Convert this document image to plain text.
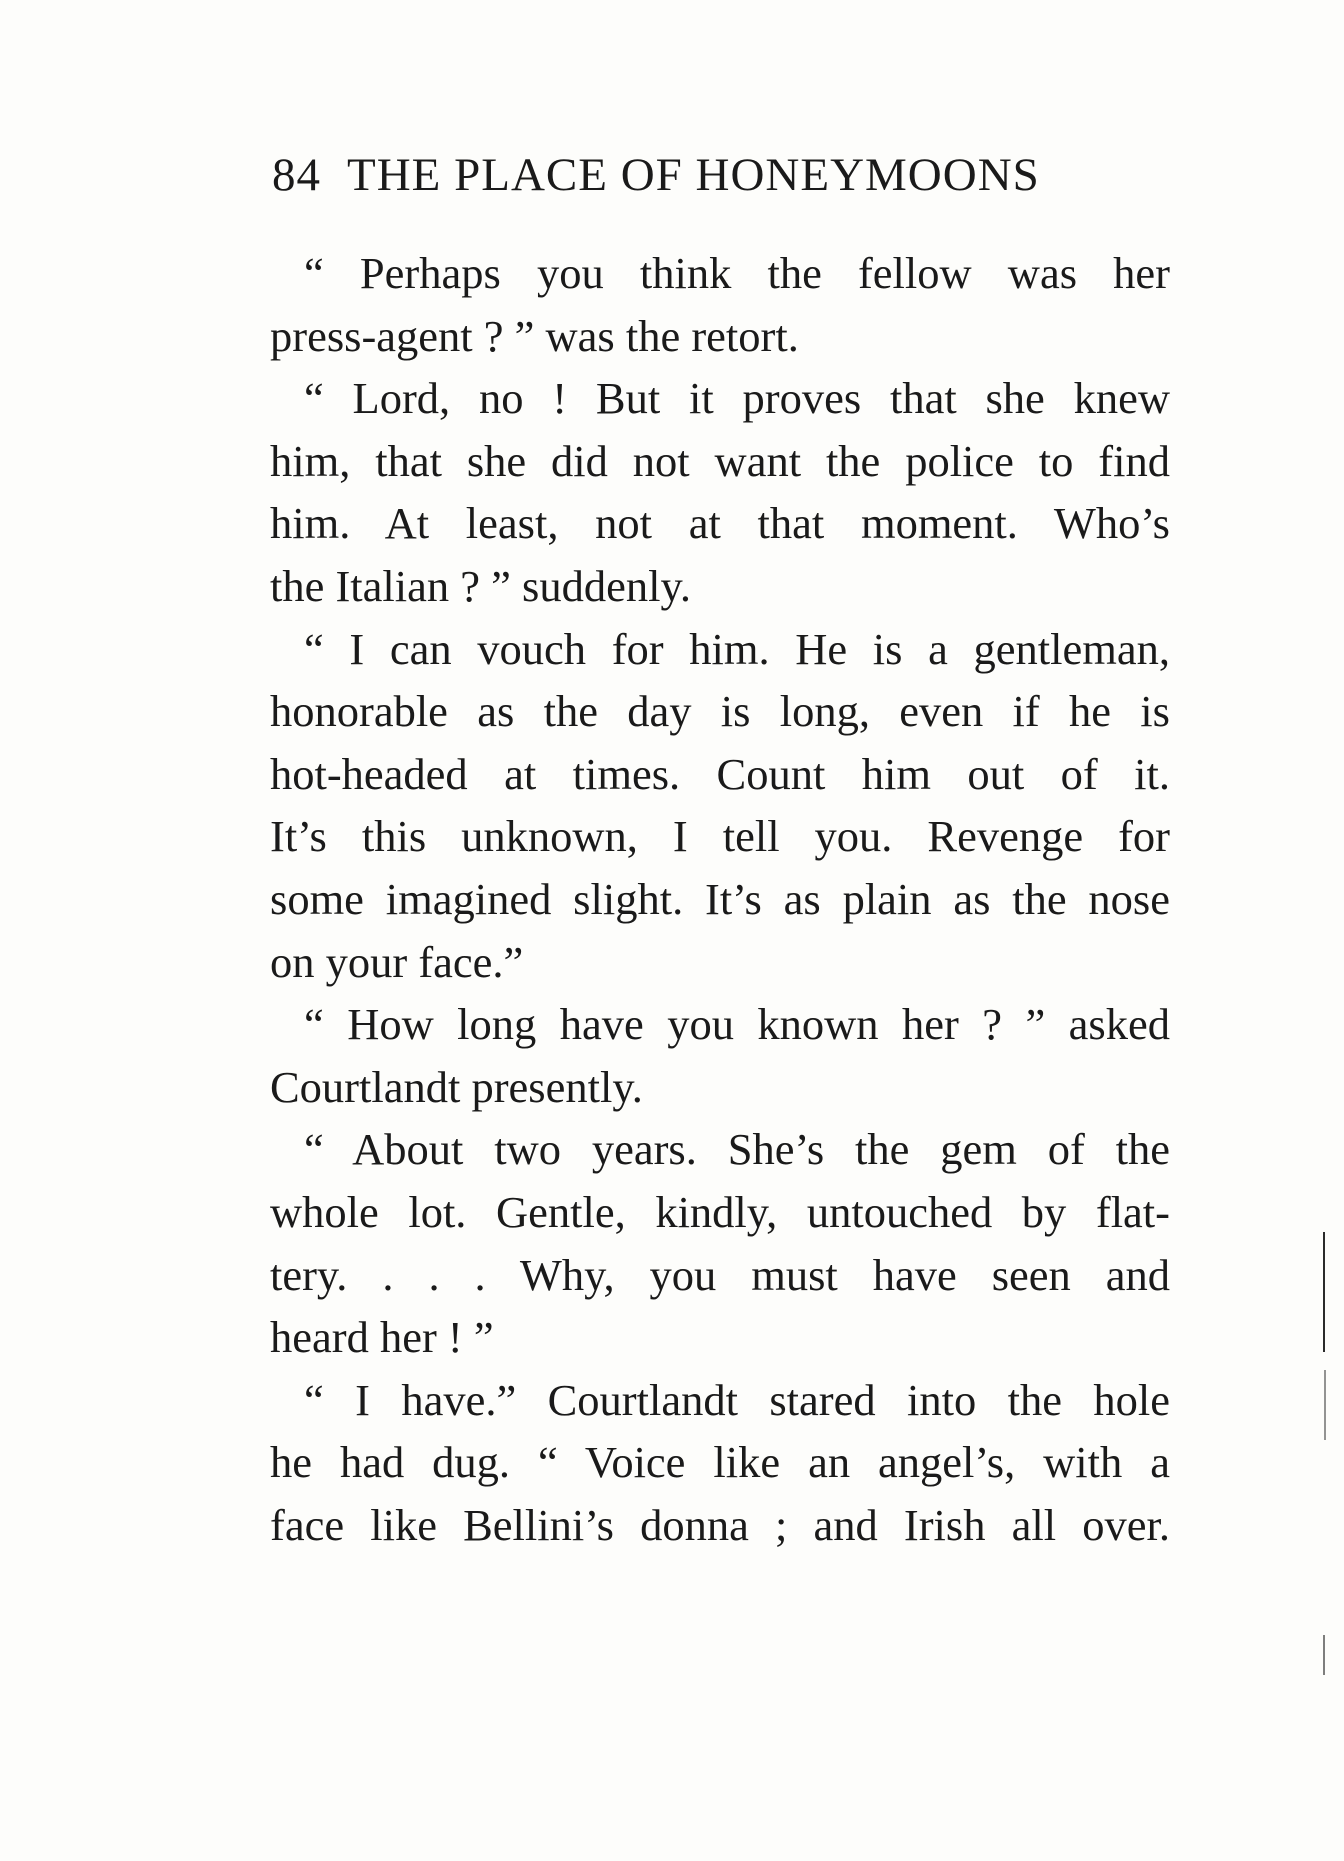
84 THE PLACE OF HONEYMOONS
“ Perhaps you think the fellow was her
press-agent ? ” was the retort.
“ Lord, no ! But it proves that she knew
him, that she did not want the police to find
him. At least, not at that moment. Who’s
the Italian ? ” suddenly.
“ I can vouch for him. He is a gentleman,
honorable as the day is long, even if he is
hot-headed at times. Count him out of it.
It’s this unknown, I tell you. Revenge for
some imagined slight. It’s as plain as the nose
on your face.”
“ How long have you known her ? ” asked
Courtlandt presently.
“ About two years. She’s the gem of the
whole lot. Gentle, kindly, untouched by flat-
tery. . . . Why, you must have seen and
heard her ! ”
“ I have.” Courtlandt stared into the hole
he had dug. “ Voice like an angel’s, with a
face like Bellini’s donna ; and Irish all over.
